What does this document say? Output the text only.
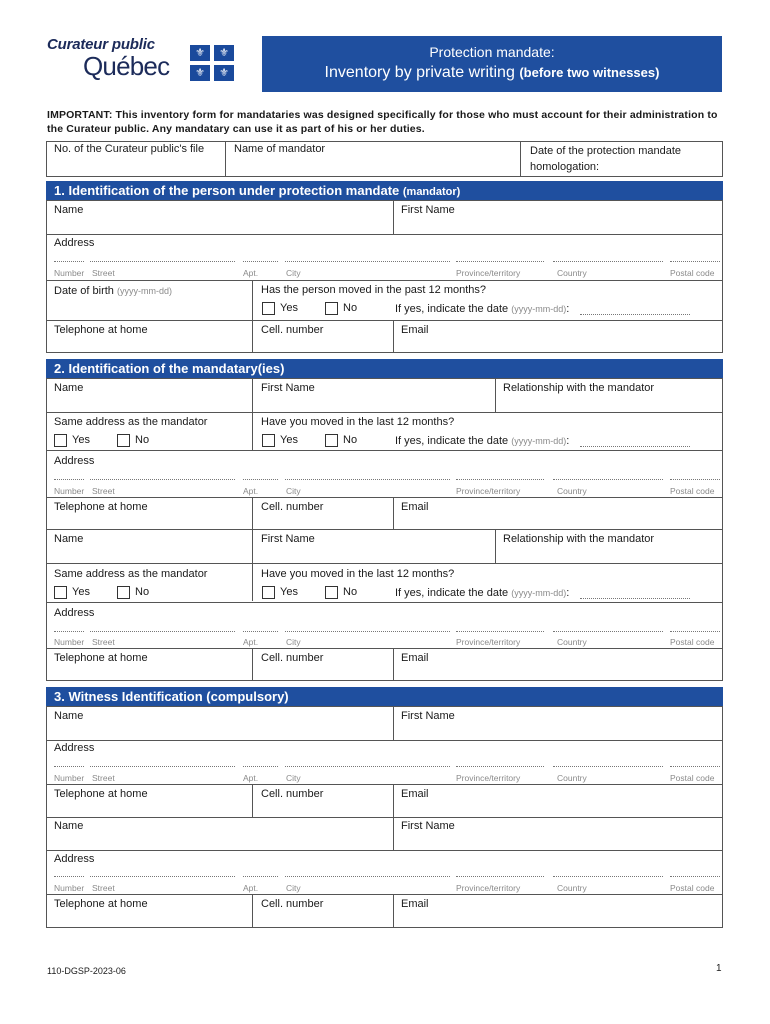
Curateur public
Québec	⚜	⚜
⚜	⚜
Protection mandate:
Inventory by private writing (before two witnesses)
IMPORTANT: This inventory form for mandataries was designed specifically for those who must account for their administration to the Curateur public. Any mandatary can use it as part of his or her duties.
No. of the Curateur public's file	Name of mandator	Date of the protection mandate homologation:
1. Identification of the person under protection mandate (mandator)
Name	First Name
Address
Number Street	Apt.	City	Province/territory	Country	Postal code
Date of birth (yyyy-mm-dd)	Has the person moved in the past 12 months?
Yes	No	If yes, indicate the date (yyyy-mm-dd):
Telephone at home	Cell. number	Email
2. Identification of the mandatary(ies)
Name	First Name	Relationship with the mandator
Same address as the mandator
Yes	No
Have you moved in the last 12 months?
Yes	No	If yes, indicate the date (yyyy-mm-dd):
Address
Number Street	Apt.	City	Province/territory	Country	Postal code
Telephone at home	Cell. number	Email
Name	First Name	Relationship with the mandator
Same address as the mandator
Yes	No
Have you moved in the last 12 months?
Yes	No	If yes, indicate the date (yyyy-mm-dd):
Address
Number Street	Apt.	City	Province/territory	Country	Postal code
Telephone at home	Cell. number	Email
3. Witness Identification (compulsory)
Name	First Name
Address
Number Street	Apt.	City	Province/territory	Country	Postal code
Telephone at home	Cell. number	Email
Name	First Name
Address
Number Street	Apt.	City	Province/territory	Country	Postal code
Telephone at home	Cell. number	Email
110-DGSP-2023-06	1
